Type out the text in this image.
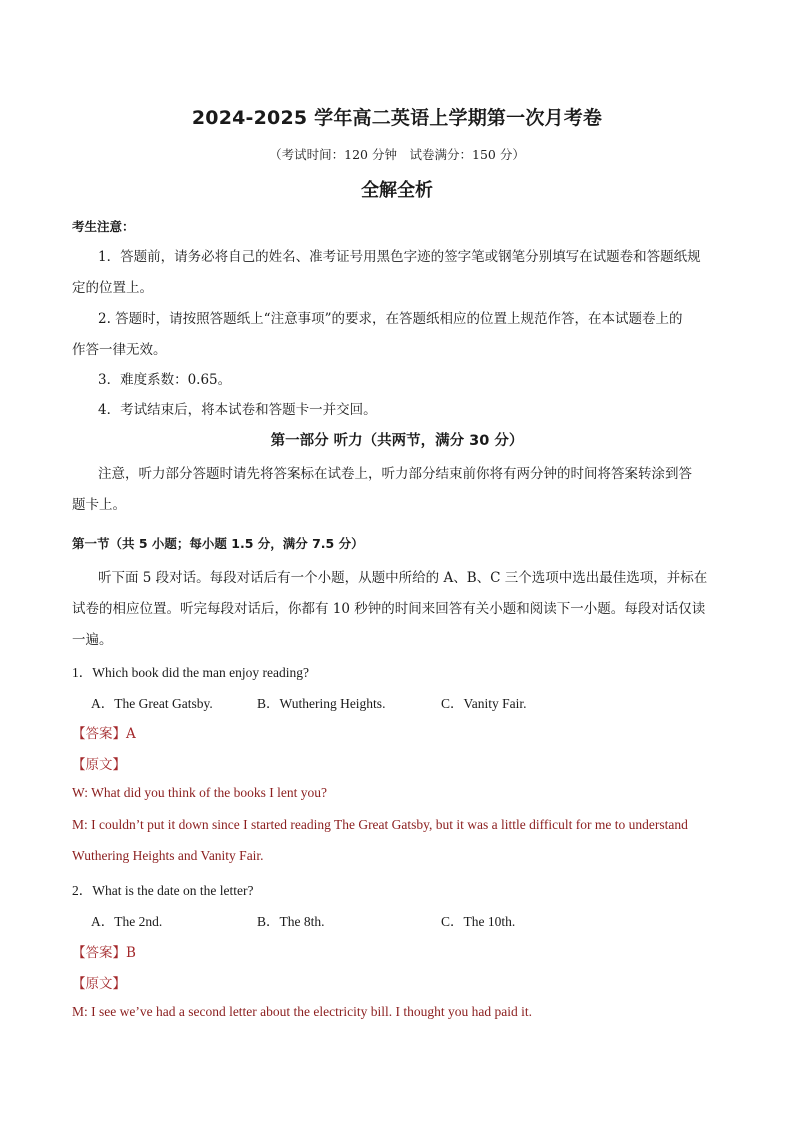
2024-2025 学年高二英语上学期第一次月考卷
（考试时间：120 分钟　试卷满分：150 分）
全解全析
考生注意：
1．答题前，请务必将自己的姓名、准考证号用黑色字迹的签字笔或钢笔分别填写在试题卷和答题纸规
定的位置上。
2. 答题时，请按照答题纸上“注意事项”的要求，在答题纸相应的位置上规范作答，在本试题卷上的
作答一律无效。
3．难度系数：0.65。
4．考试结束后，将本试卷和答题卡一并交回。
第一部分 听力（共两节，满分 30 分）
注意，听力部分答题时请先将答案标在试卷上，听力部分结束前你将有两分钟的时间将答案转涂到答
题卡上。
第一节（共 5 小题；每小题 1.5 分，满分 7.5 分）
听下面 5 段对话。每段对话后有一个小题，从题中所给的 A、B、C 三个选项中选出最佳选项，并标在
试卷的相应位置。听完每段对话后，你都有 10 秒钟的时间来回答有关小题和阅读下一小题。每段对话仅读
一遍。
1．Which book did the man enjoy reading?
A．The Great Gatsby.	B．Wuthering Heights.	C．Vanity Fair.
【答案】A
【原文】
W: What did you think of the books I lent you?
M: I couldn’t put it down since I started reading The Great Gatsby, but it was a little difficult for me to understand
Wuthering Heights and Vanity Fair.
2．What is the date on the letter?
A．The 2nd.	B．The 8th.	C．The 10th.
【答案】B
【原文】
M: I see we’ve had a second letter about the electricity bill. I thought you had paid it.
